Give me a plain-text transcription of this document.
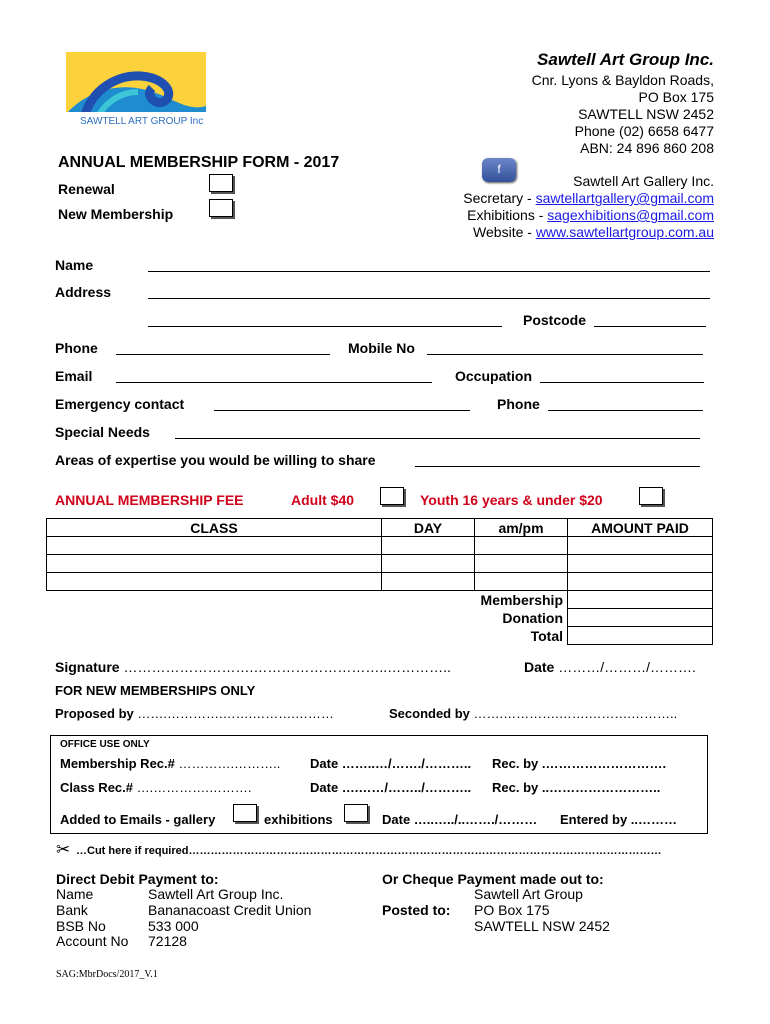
SAWTELL ART GROUP Inc
Sawtell Art Group Inc.
Cnr. Lyons & Bayldon Roads,
PO Box 175
SAWTELL NSW 2452
Phone (02) 6658 6477
ABN: 24 896 860 208
f
Sawtell Art Gallery Inc.
Secretary - sawtellartgallery@gmail.com
Exhibitions - sagexhibitions@gmail.com
Website - www.sawtellartgroup.com.au
ANNUAL MEMBERSHIP FORM - 2017
Renewal
New Membership
Name
Address
Postcode
Phone	Mobile No
Email	Occupation
Emergency contact	Phone
Special Needs
Areas of expertise you would be willing to share
ANNUAL MEMBERSHIP FEE	Adult $40	Youth 16 years & under $20
CLASS	DAY	am/pm	AMOUNT PAID

Membership			
Donation			
Total			
Signature ……………………….………………………..…………..	Date ………/………/……….
FOR NEW MEMBERSHIPS ONLY
Proposed by …….………….…….……….………	Seconded by …….………….…….……….………..
OFFICE USE ONLY
Membership Rec.# ………….……….. Date ……..…/……./……….. Rec. by .……………………….
Class Rec.# ….………….……….	Date ….……/……../……….. Rec. by ..……………………..
Added to Emails - gallery	exhibitions	Date …..…../..……./……… Entered by ..………
✂ …Cut here if required…………………………………………………………………………………………………………………
Direct Debit Payment to:
Name	Sawtell Art Group Inc.
Bank	Bananacoast Credit Union
BSB No	533 000
Account No 72128
Or Cheque Payment made out to:
Sawtell Art Group
Posted to: PO Box 175
SAWTELL NSW 2452
SAG:MbrDocs/2017_V.1
